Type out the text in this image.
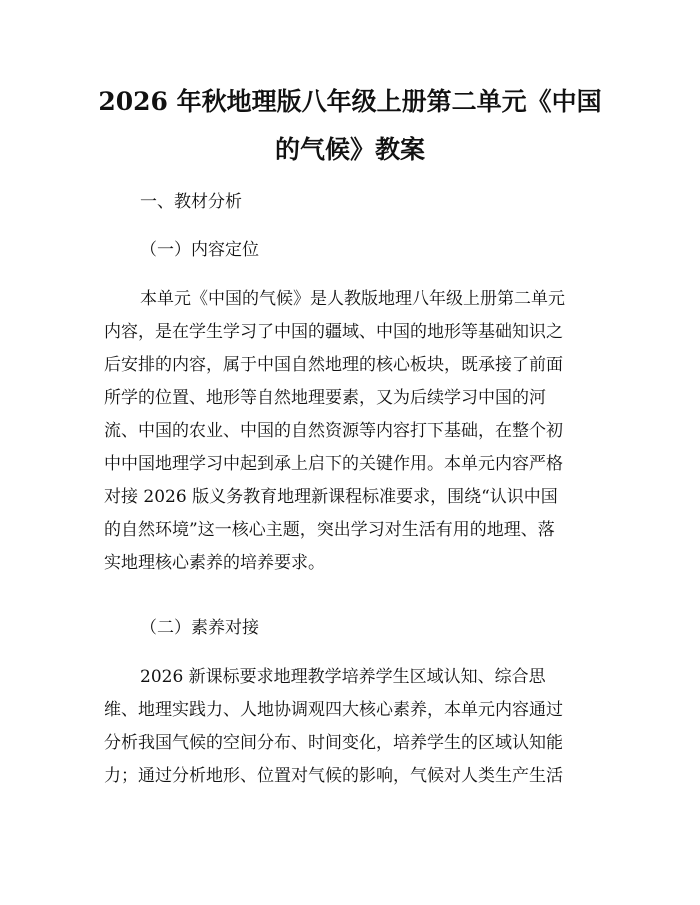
2026 年秋地理版八年级上册第二单元《中国
的气候》教案

一、教材分析

（一）内容定位

本单元《中国的气候》是人教版地理八年级上册第二单元

内容，是在学生学习了中国的疆域、中国的地形等基础知识之

后安排的内容，属于中国自然地理的核心板块，既承接了前面

所学的位置、地形等自然地理要素，又为后续学习中国的河

流、中国的农业、中国的自然资源等内容打下基础，在整个初

中中国地理学习中起到承上启下的关键作用。本单元内容严格

对接 2026 版义务教育地理新课程标准要求，围绕“认识中国

的自然环境”这一核心主题，突出学习对生活有用的地理、落

实地理核心素养的培养要求。

（二）素养对接

2026 新课标要求地理教学培养学生区域认知、综合思

维、地理实践力、人地协调观四大核心素养，本单元内容通过

分析我国气候的空间分布、时间变化，培养学生的区域认知能

力；通过分析地形、位置对气候的影响，气候对人类生产生活
